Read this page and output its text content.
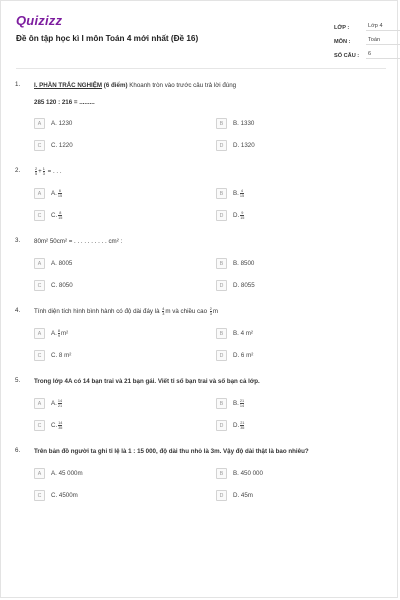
Quizizz
Đề ôn tập học kì I môn Toán 4 mới nhất (Đề 16)
LỚP :	Lớp 4
MÔN :	Toán
SỐ CÂU :	6
1. I. PHẦN TRẮC NGHIỆM (6 điểm) Khoanh tròn vào trước câu trả lời đúng
285 120 : 216 = .........
A	A. 1230	B	B. 1330
C	C. 1220	D	D. 1320
2.	$\frac{2}{5} + \frac{1}{3}$ = . . .
A	A. $\frac{6}{15}$	B	B. $\frac{4}{15}$
C	C. $\frac{8}{15}$	D	D. $\frac{9}{15}$
3. 80m² 50cm² = . . . . . . . . . . cm² :
A	A. 8005	B	B. 8500
C	C. 8050	D	D. 8055
4. Tính diện tích hình bình hành có độ dài đáy là $\frac{4}{3}$ m và chiều cao $\frac{2}{3}$ m
A	A. $\frac{8}{9} m^2$	B	B. 4 m²
C	C. 8 m²	D	D. 6 m²
5. Trong lớp 4A có 14 bạn trai và 21 bạn gái. Viết tỉ số bạn trai và số bạn cả lớp.
A	A. $\frac{14}{21}$	B	B. $\frac{21}{14}$
C	C. $\frac{14}{35}$	D	D. $\frac{21}{35}$
6. Trên bản đồ người ta ghi tỉ lệ là 1 : 15 000, độ dài thu nhỏ là 3m. Vậy độ dài thật là bao nhiêu?
A	A. 45 000m	B	B. 450 000
C	C. 4500m	D	D. 45m
